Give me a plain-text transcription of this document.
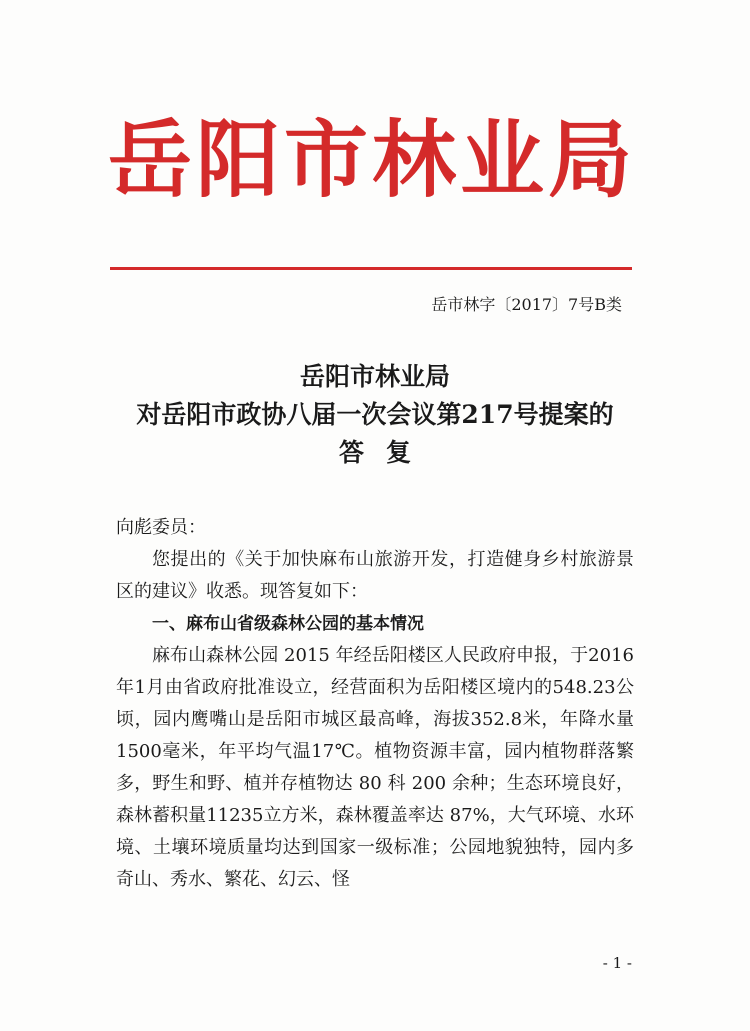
岳阳市林业局
岳市林字〔2017〕7号B类
岳阳市林业局
对岳阳市政协八届一次会议第217号提案的
答复

向彪委员：

您提出的《关于加快麻布山旅游开发，打造健身乡村旅游景区的建议》收悉。现答复如下：

一、麻布山省级森林公园的基本情况

麻布山森林公园 2015 年经岳阳楼区人民政府申报，于2016年1月由省政府批准设立，经营面积为岳阳楼区境内的548.23公顷，园内鹰嘴山是岳阳市城区最高峰，海拔352.8米，年降水量1500毫米，年平均气温17℃。植物资源丰富，园内植物群落繁多，野生和野、植并存植物达 80 科 200 余种；生态环境良好，森林蓄积量11235立方米，森林覆盖率达 87%，大气环境、水环境、土壤环境质量均达到国家一级标准；公园地貌独特，园内多奇山、秀水、繁花、幻云、怪

- 1 -
